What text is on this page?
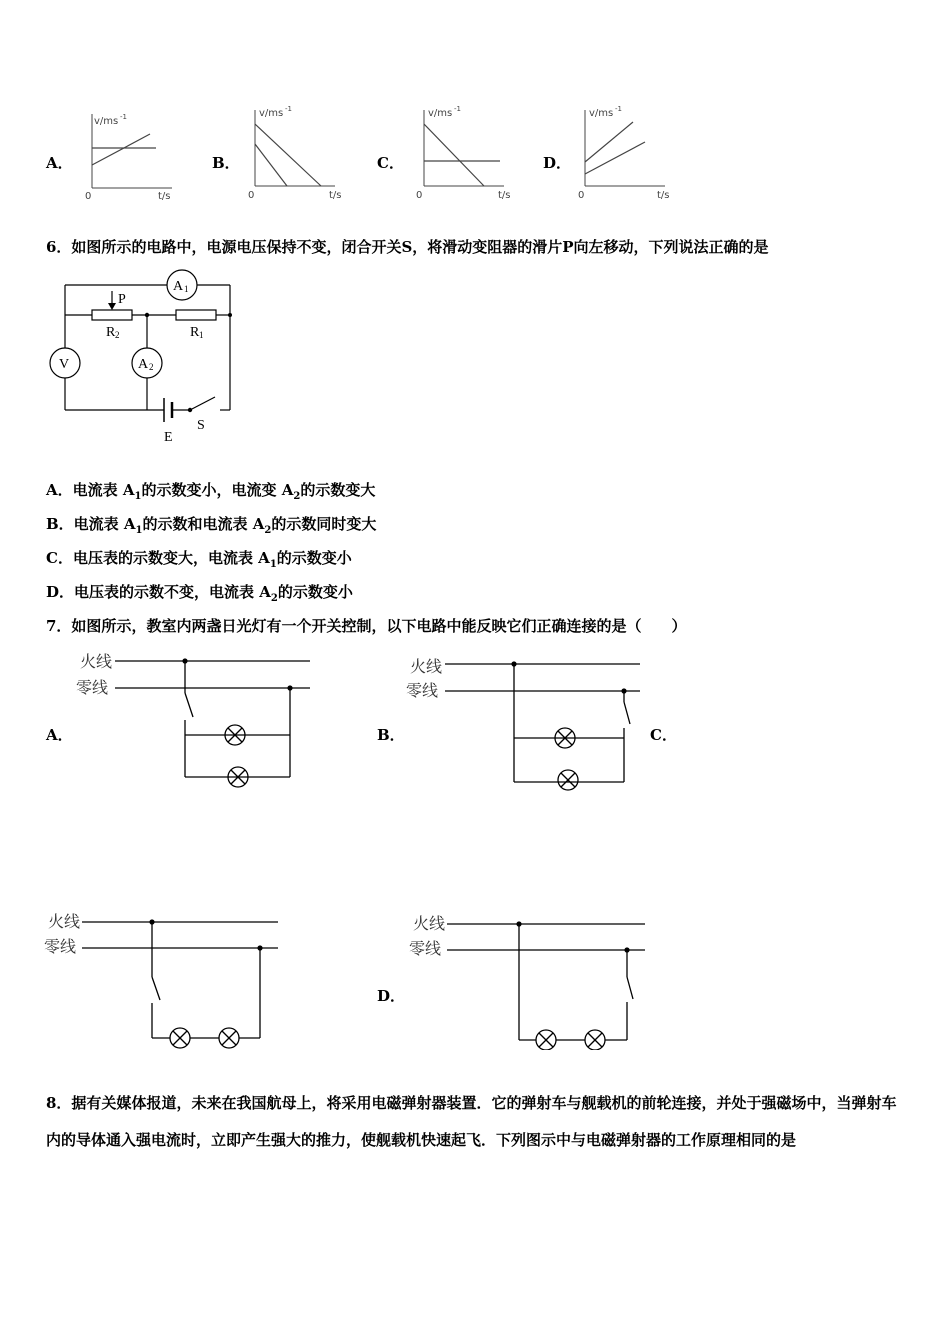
A．	B．	C．	D．
v/ms -1
0	t/s
v/ms -1
0	t/s
v/ms -1
0	t/s
v/ms -1
0	t/s
6．如图所示的电路中，电源电压保持不变，闭合开关S，将滑动变阻器的滑片P向左移动，下列说法正确的是
A 1
V	A 2
P
R 2	R 1
E
S
A．电流表 $A_1$的示数变小，电流变 $A_2$的示数变大
B．电流表 $A_1$的示数和电流表 $A_2$的示数同时变大
C．电压表的示数变大，电流表 $A_1$的示数变小
D．电压表的示数不变，电流表 $A_2$的示数变小
7．如图所示，教室内两盏日光灯有一个开关控制，以下电路中能反映它们正确连接的是（　　）
A．	B．	C．
D．
火线
零线
火线
零线
火线
零线
火线
零线
8．据有关媒体报道，未来在我国航母上，将采用电磁弹射器装置．它的弹射车与舰载机的前轮连接，并处于强磁场中，当弹射车内的导体通入强电流时，立即产生强大的推力，使舰载机快速起飞．下列图示中与电磁弹射器的工作原理相同的是
